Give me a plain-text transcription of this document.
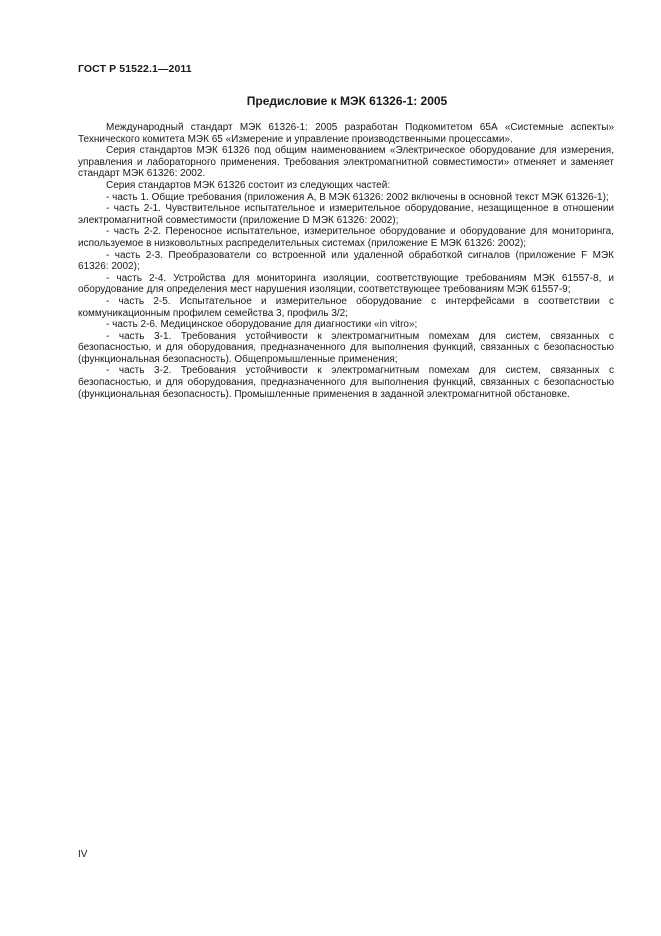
ГОСТ Р 51522.1—2011
Предисловие к МЭК 61326-1: 2005

Международный стандарт МЭК 61326-1: 2005 разработан Подкомитетом 65А «Системные аспекты» Технического комитета МЭК 65 «Измерение и управление производственными процессами».

Серия стандартов МЭК 61326 под общим наименованием «Электрическое оборудование для измерения, управления и лабораторного применения. Требования электромагнитной совместимости» отменяет и заменяет стандарт МЭК 61326: 2002.

Серия стандартов МЭК 61326 состоит из следующих частей:

- часть 1. Общие требования (приложения А, В МЭК 61326: 2002 включены в основной текст МЭК 61326-1);

- часть 2-1. Чувствительное испытательное и измерительное оборудование, незащищенное в отношении электромагнитной совместимости (приложение D МЭК 61326: 2002);

- часть 2-2. Переносное испытательное, измерительное оборудование и оборудование для мониторинга, используемое в низковольтных распределительных системах (приложение Е МЭК 61326: 2002);

- часть 2-3. Преобразователи со встроенной или удаленной обработкой сигналов (приложение F МЭК 61326: 2002);

- часть 2-4. Устройства для мониторинга изоляции, соответствующие требованиям МЭК 61557-8, и оборудование для определения мест нарушения изоляции, соответствующее требованиям МЭК 61557-9;

- часть 2-5. Испытательное и измерительное оборудование с интерфейсами в соответствии с коммуникационным профилем семейства 3, профиль 3/2;

- часть 2-6. Медицинское оборудование для диагностики «in vitro»;

- часть 3-1. Требования устойчивости к электромагнитным помехам для систем, связанных с безопасностью, и для оборудования, предназначенного для выполнения функций, связанных с безопасностью (функциональная безопасность). Общепромышленные применения;

- часть 3-2. Требования устойчивости к электромагнитным помехам для систем, связанных с безопасностью, и для оборудования, предназначенного для выполнения функций, связанных с безопасностью (функциональная безопасность). Промышленные применения в заданной электромагнитной обстановке.

IV
